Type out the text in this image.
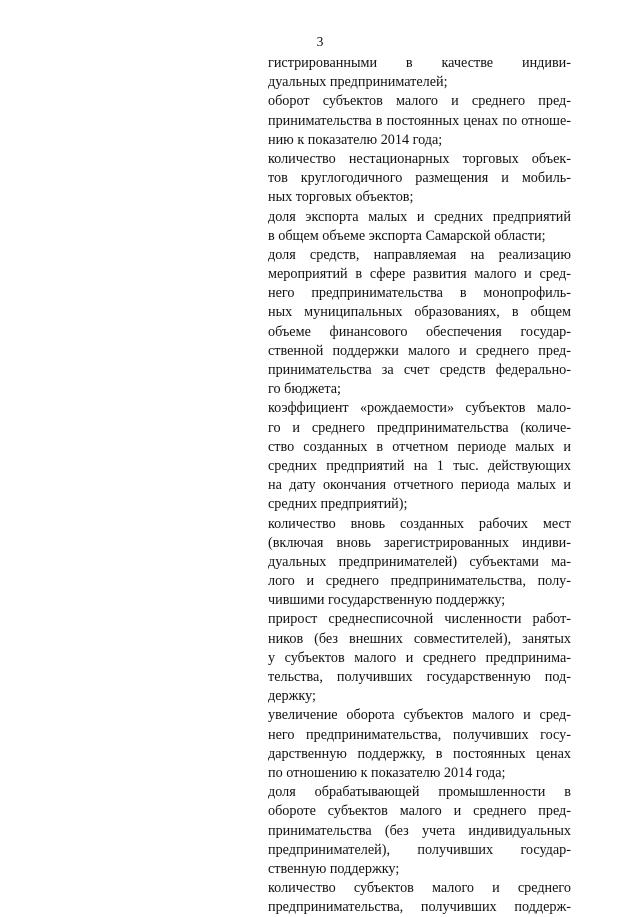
3
гистрированными в качестве индиви-
дуальных предпринимателей;
оборот субъектов малого и среднего пред-
принимательства в постоянных ценах по отноше-
нию к показателю 2014 года;
количество нестационарных торговых объек-
тов круглогодичного размещения и мобиль-
ных торговых объектов;
доля экспорта малых и средних предприятий
в общем объеме экспорта Самарской области;
доля средств, направляемая на реализацию
мероприятий в сфере развития малого и сред-
него предпринимательства в монопрофиль-
ных муниципальных образованиях, в общем
объеме финансового обеспечения государ-
ственной поддержки малого и среднего пред-
принимательства за счет средств федерально-
го бюджета;
коэффициент «рождаемости» субъектов мало-
го и среднего предпринимательства (количе-
ство созданных в отчетном периоде малых и
средних предприятий на 1 тыс. действующих
на дату окончания отчетного периода малых и
средних предприятий);
количество вновь созданных рабочих мест
(включая вновь зарегистрированных индиви-
дуальных предпринимателей) субъектами ма-
лого и среднего предпринимательства, полу-
чившими государственную поддержку;
прирост среднесписочной численности работ-
ников (без внешних совместителей), занятых
у субъектов малого и среднего предпринима-
тельства, получивших государственную под-
держку;
увеличение оборота субъектов малого и сред-
него предпринимательства, получивших госу-
дарственную поддержку, в постоянных ценах
по отношению к показателю 2014 года;
доля обрабатывающей промышленности в
обороте субъектов малого и среднего пред-
принимательства (без учета индивидуальных
предпринимателей), получивших государ-
ственную поддержку;
количество субъектов малого и среднего
предпринимательства, получивших поддерж-
